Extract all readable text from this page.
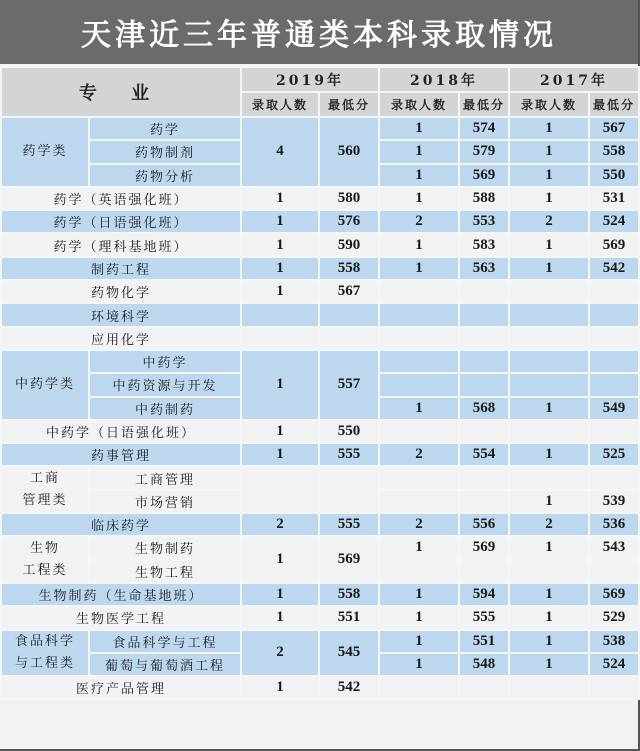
天津近三年普通类本科录取情况
专 业		2019年		2018年		2017年	
		录取人数	最低分	录取人数	最低分	录取人数	最低分
药学类	药学	4	560	1	574	1	567
	药物制剂			1	579	1	558
	药物分析			1	569	1	550
药学（英语强化班）		1	580	1	588	1	531
药学（日语强化班）		1	576	2	553	2	524
药学（理科基地班）		1	590	1	583	1	569
制药工程		1	558	1	563	1	542
药物化学		1	567				
环境科学							
应用化学							
中药学类	中药学	1	557				
	中药资源与开发						
	中药制药			1	568	1	549
中药学（日语强化班）		1	550				
药事管理		1	555	2	554	1	525

工商
管理类	工商管理						
	市场营销					1	539
临床药学		2	555	2	556	2	536

生物
工程类	生物制药	1	569	1	569	1	543
	生物工程						
生物制药（生命基地班）		1	558	1	594	1	569
生物医学工程		1	551	1	555	1	529

食品科学
与工程类	食品科学与工程	2	545	1	551	1	538
	葡萄与葡萄酒工程			1	548	1	524
医疗产品管理		1	542				
